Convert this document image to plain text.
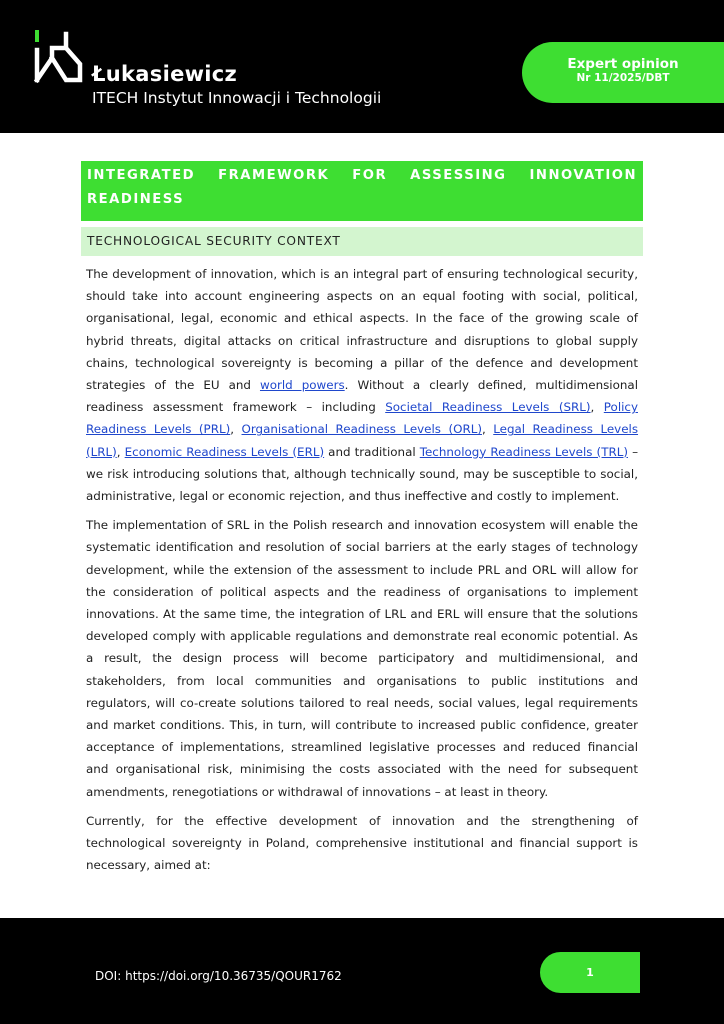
Łukasiewicz
ITECH Instytut Innowacji i Technologii
Expert opinion
Nr 11/2025/DBT
INTEGRATED FRAMEWORK FOR ASSESSING INNOVATION
READINESS
TECHNOLOGICAL SECURITY CONTEXT

The development of innovation, which is an integral part of ensuring technological security, should take into account engineering aspects on an equal footing with social, political, organisational, legal, economic and ethical aspects. In the face of the growing scale of hybrid threats, digital attacks on critical infrastructure and disruptions to global supply chains, technological sovereignty is becoming a pillar of the defence and development strategies of the EU and world powers. Without a clearly defined, multidimensional readiness assessment framework – including Societal Readiness Levels (SRL), Policy Readiness Levels (PRL), Organisational Readiness Levels (ORL), Legal Readiness Levels (LRL), Economic Readiness Levels (ERL) and traditional Technology Readiness Levels (TRL) – we risk introducing solutions that, although technically sound, may be susceptible to social, administrative, legal or economic rejection, and thus ineffective and costly to implement.

The implementation of SRL in the Polish research and innovation ecosystem will enable the systematic identification and resolution of social barriers at the early stages of technology development, while the extension of the assessment to include PRL and ORL will allow for the consideration of political aspects and the readiness of organisations to implement innovations. At the same time, the integration of LRL and ERL will ensure that the solutions developed comply with applicable regulations and demonstrate real economic potential. As a result, the design process will become participatory and multidimensional, and stakeholders, from local communities and organisations to public institutions and regulators, will co-create solutions tailored to real needs, social values, legal requirements and market conditions. This, in turn, will contribute to increased public confidence, greater acceptance of implementations, streamlined legislative processes and reduced financial and organisational risk, minimising the costs associated with the need for subsequent amendments, renegotiations or withdrawal of innovations – at least in theory.

Currently, for the effective development of innovation and the strengthening of technological sovereignty in Poland, comprehensive institutional and financial support is necessary, aimed at:

DOI: https://doi.org/10.36735/QOUR1762	1
